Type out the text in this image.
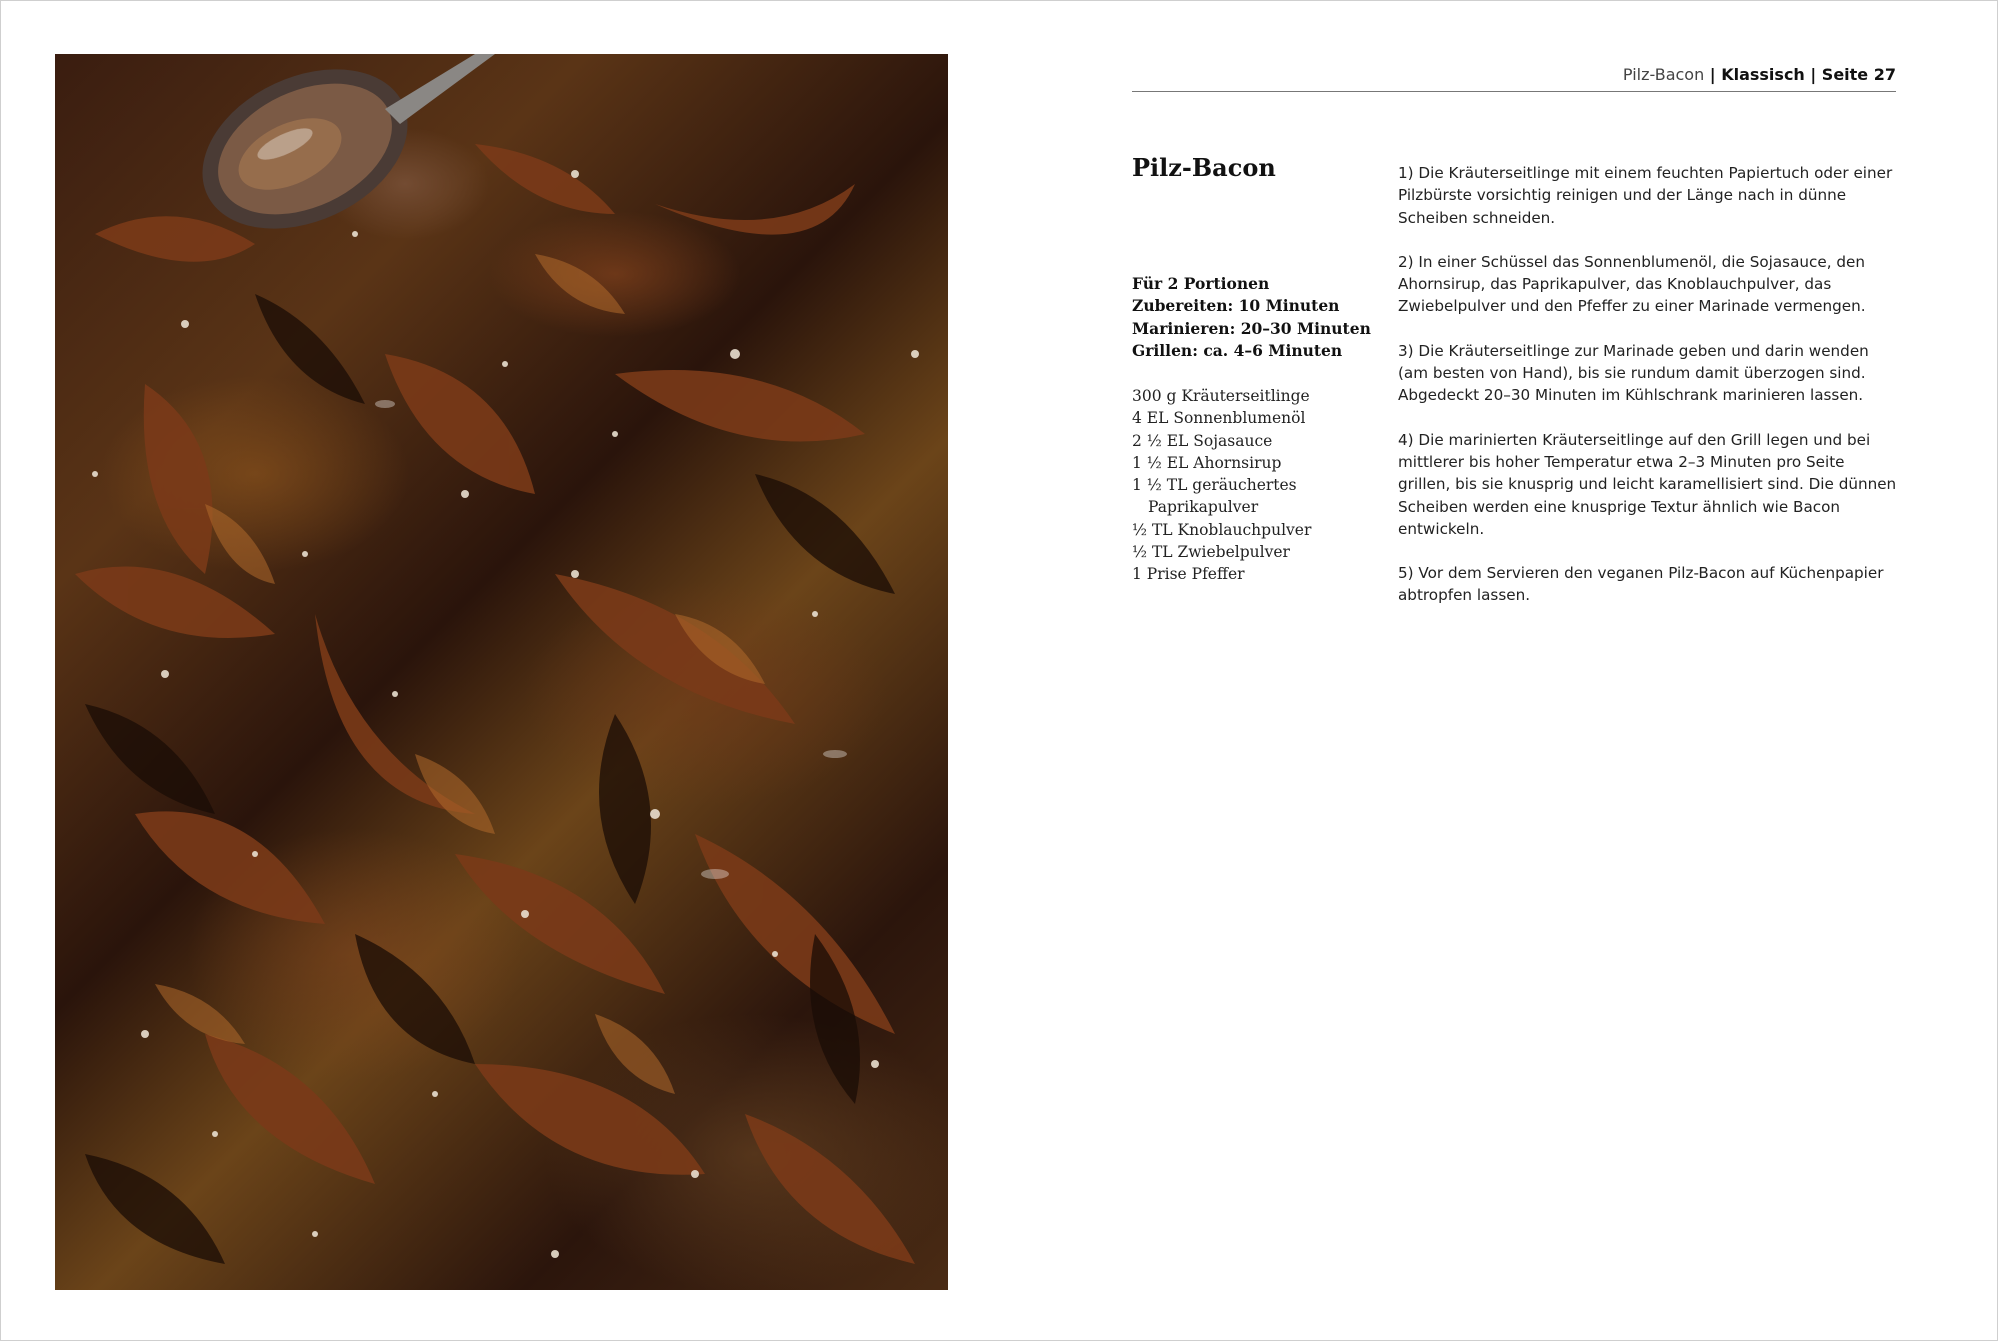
Pilz-Bacon | Klassisch | Seite 27
Pilz-Bacon
Für 2 Portionen
Zubereiten: 10 Minuten
Marinieren: 20–30 Minuten
Grillen: ca. 4–6 Minuten
300 g Kräuterseitlinge
4 EL Sonnenblumenöl
2 ½ EL Sojasauce
1 ½ EL Ahornsirup
1 ½ TL geräuchertes
Paprikapulver
½ TL Knoblauchpulver
½ TL Zwiebelpulver
1 Prise Pfeffer

1) Die Kräuterseitlinge mit einem feuchten Papiertuch oder einer Pilzbürste vorsichtig reinigen und der Länge nach in dünne Scheiben schneiden.

2) In einer Schüssel das Sonnenblumenöl, die Sojasauce, den Ahornsirup, das Paprikapulver, das Knoblauchpulver, das Zwiebelpulver und den Pfeffer zu einer Marinade vermengen.

3) Die Kräuterseitlinge zur Marinade geben und darin wenden (am besten von Hand), bis sie rundum damit überzogen sind. Abgedeckt 20–30 Minuten im Kühlschrank marinieren lassen.

4) Die marinierten Kräuterseitlinge auf den Grill legen und bei mittlerer bis hoher Temperatur etwa 2–3 Minuten pro Seite grillen, bis sie knusprig und leicht karamellisiert sind. Die dünnen Scheiben werden eine knusprige Textur ähnlich wie Bacon entwickeln.

5) Vor dem Servieren den veganen Pilz-Bacon auf Küchenpapier abtropfen lassen.
